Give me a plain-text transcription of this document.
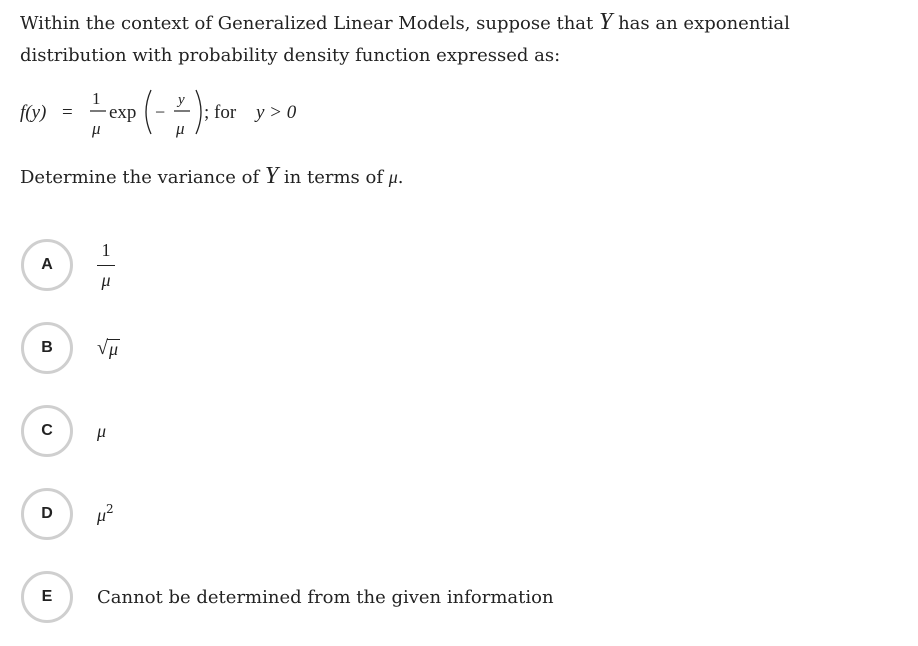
Within the context of Generalized Linear Models, suppose that Y has an exponential distribution with probability density function expressed as:
f(y) =
1
μ
exp −
y
μ
; for y > 0
Determine the variance of Y in terms of μ.
A	$\frac{1}{\mu}$
B	√ μ
C	μ
D	$\mu^2$
E	Cannot be determined from the given information
